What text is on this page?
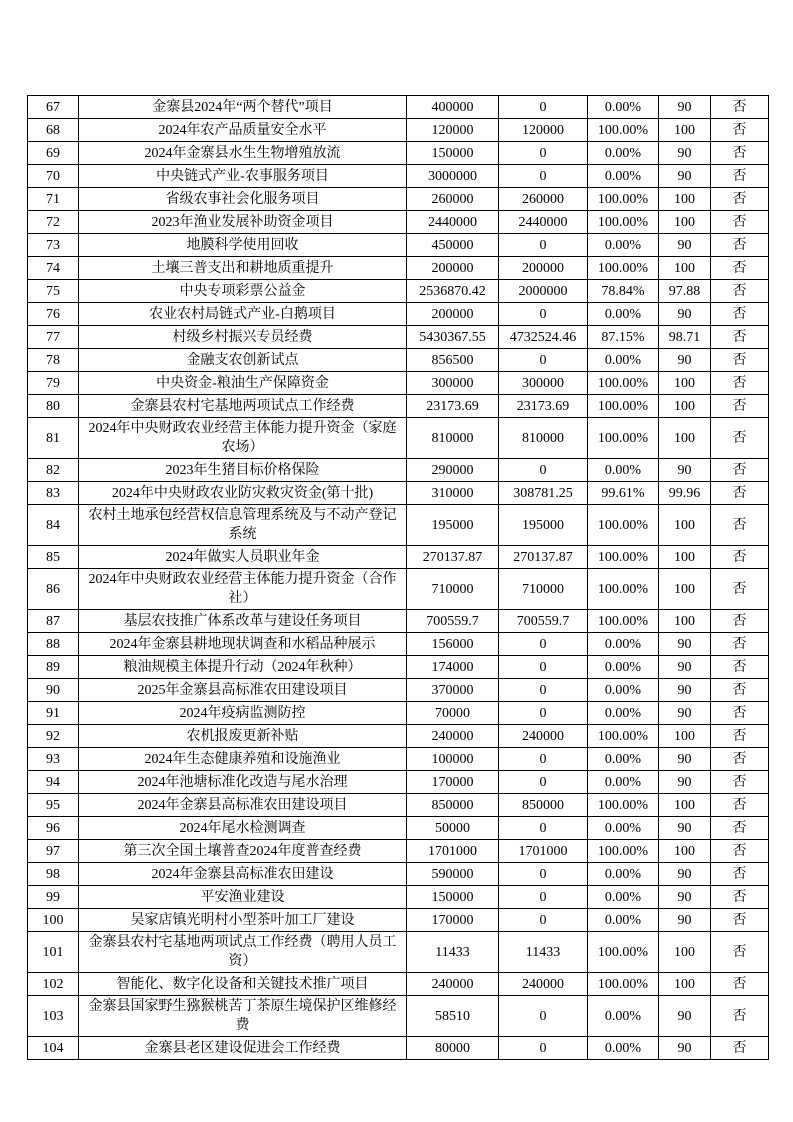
67	金寨县2024年“两个替代”项目	400000	0	0.00%	90	否
68	2024年农产品质量安全水平	120000	120000	100.00%	100	否
69	2024年金寨县水生生物增殖放流	150000	0	0.00%	90	否
70	中央链式产业-农事服务项目	3000000	0	0.00%	90	否
71	省级农事社会化服务项目	260000	260000	100.00%	100	否
72	2023年渔业发展补助资金项目	2440000	2440000	100.00%	100	否
73	地膜科学使用回收	450000	0	0.00%	90	否
74	土壤三普支出和耕地质重提升	200000	200000	100.00%	100	否
75	中央专项彩票公益金	2536870.42	2000000	78.84%	97.88	否
76	农业农村局链式产业-白鹅项目	200000	0	0.00%	90	否
77	村级乡村振兴专员经费	5430367.55	4732524.46	87.15%	98.71	否
78	金融支农创新试点	856500	0	0.00%	90	否
79	中央资金-粮油生产保障资金	300000	300000	100.00%	100	否
80	金寨县农村宅基地两项试点工作经费	23173.69	23173.69	100.00%	100	否
81	2024年中央财政农业经营主体能力提升资金（家庭农场）	810000	810000	100.00%	100	否
82	2023年生猪目标价格保险	290000	0	0.00%	90	否
83	2024年中央财政农业防灾救灾资金(第十批)	310000	308781.25	99.61%	99.96	否
84	农村土地承包经营权信息管理系统及与不动产登记系统	195000	195000	100.00%	100	否
85	2024年做实人员职业年金	270137.87	270137.87	100.00%	100	否
86	2024年中央财政农业经营主体能力提升资金（合作社）	710000	710000	100.00%	100	否
87	基层农技推广体系改革与建设任务项目	700559.7	700559.7	100.00%	100	否
88	2024年金寨县耕地现状调查和水稻品种展示	156000	0	0.00%	90	否
89	粮油规模主体提升行动（2024年秋种）	174000	0	0.00%	90	否
90	2025年金寨县高标准农田建设项目	370000	0	0.00%	90	否
91	2024年疫病监测防控	70000	0	0.00%	90	否
92	农机报废更新补贴	240000	240000	100.00%	100	否
93	2024年生态健康养殖和设施渔业	100000	0	0.00%	90	否
94	2024年池塘标准化改造与尾水治理	170000	0	0.00%	90	否
95	2024年金寨县高标准农田建设项目	850000	850000	100.00%	100	否
96	2024年尾水检测调查	50000	0	0.00%	90	否
97	第三次全国土壤普查2024年度普查经费	1701000	1701000	100.00%	100	否
98	2024年金寨县高标准农田建设	590000	0	0.00%	90	否
99	平安渔业建设	150000	0	0.00%	90	否
100	吴家店镇光明村小型茶叶加工厂建设	170000	0	0.00%	90	否
101	金寨县农村宅基地两项试点工作经费（聘用人员工资）	11433	11433	100.00%	100	否
102	智能化、数字化设备和关键技术推广项目	240000	240000	100.00%	100	否
103	金寨县国家野生猕猴桃苦丁茶原生境保护区维修经费	58510	0	0.00%	90	否
104	金寨县老区建设促进会工作经费	80000	0	0.00%	90	否
